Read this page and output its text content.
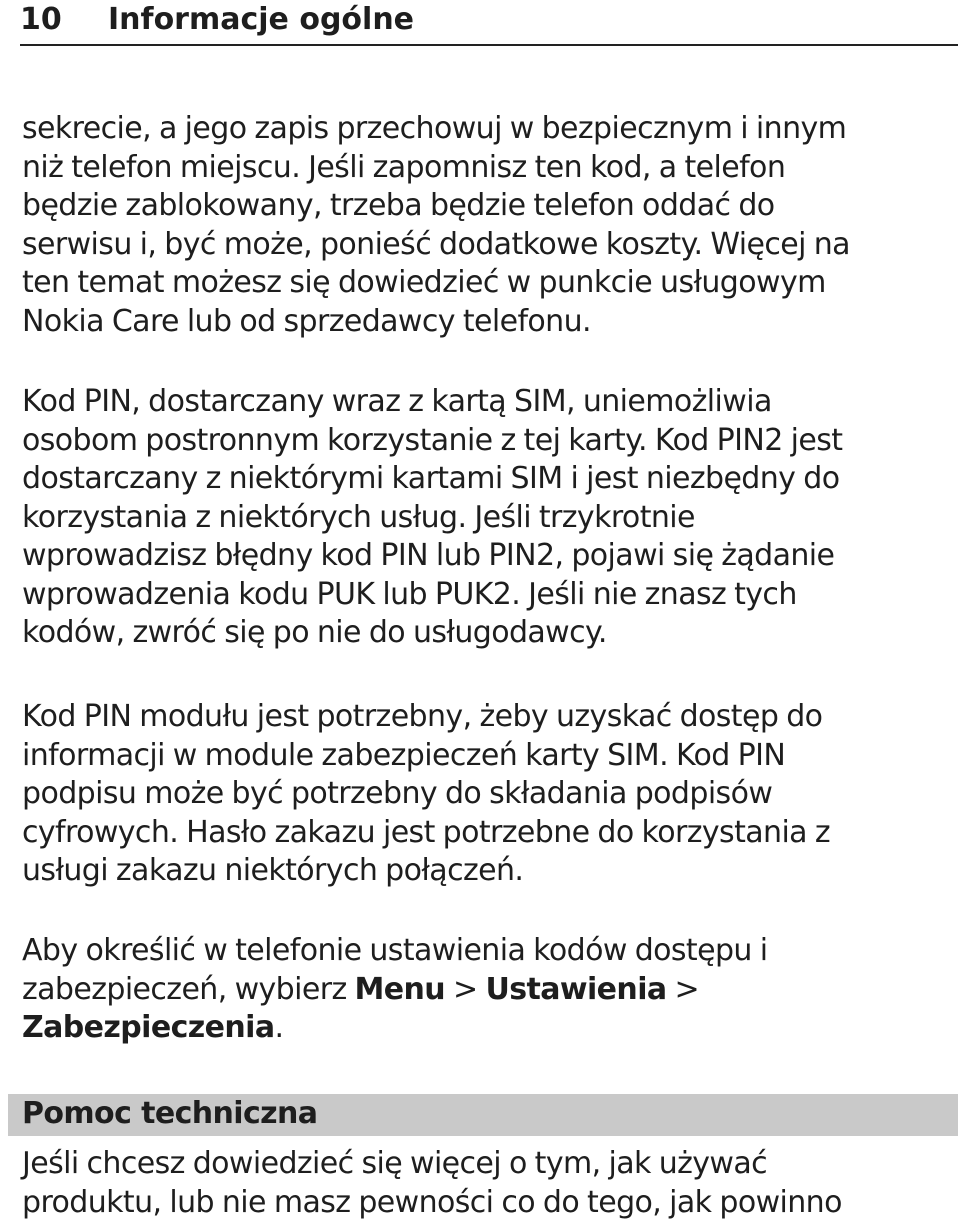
10 Informacje ogólne
sekrecie, a jego zapis przechowuj w bezpiecznym i innym
niż telefon miejscu. Jeśli zapomnisz ten kod, a telefon
będzie zablokowany, trzeba będzie telefon oddać do
serwisu i, być może, ponieść dodatkowe koszty. Więcej na
ten temat możesz się dowiedzieć w punkcie usługowym
Nokia Care lub od sprzedawcy telefonu.
Kod PIN, dostarczany wraz z kartą SIM, uniemożliwia
osobom postronnym korzystanie z tej karty. Kod PIN2 jest
dostarczany z niektórymi kartami SIM i jest niezbędny do
korzystania z niektórych usług. Jeśli trzykrotnie
wprowadzisz błędny kod PIN lub PIN2, pojawi się żądanie
wprowadzenia kodu PUK lub PUK2. Jeśli nie znasz tych
kodów, zwróć się po nie do usługodawcy.
Kod PIN modułu jest potrzebny, żeby uzyskać dostęp do
informacji w module zabezpieczeń karty SIM. Kod PIN
podpisu może być potrzebny do składania podpisów
cyfrowych. Hasło zakazu jest potrzebne do korzystania z
usługi zakazu niektórych połączeń.
Aby określić w telefonie ustawienia kodów dostępu i
zabezpieczeń, wybierz Menu > Ustawienia >
Zabezpieczenia.
Pomoc techniczna
Jeśli chcesz dowiedzieć się więcej o tym, jak używać
produktu, lub nie masz pewności co do tego, jak powinno
